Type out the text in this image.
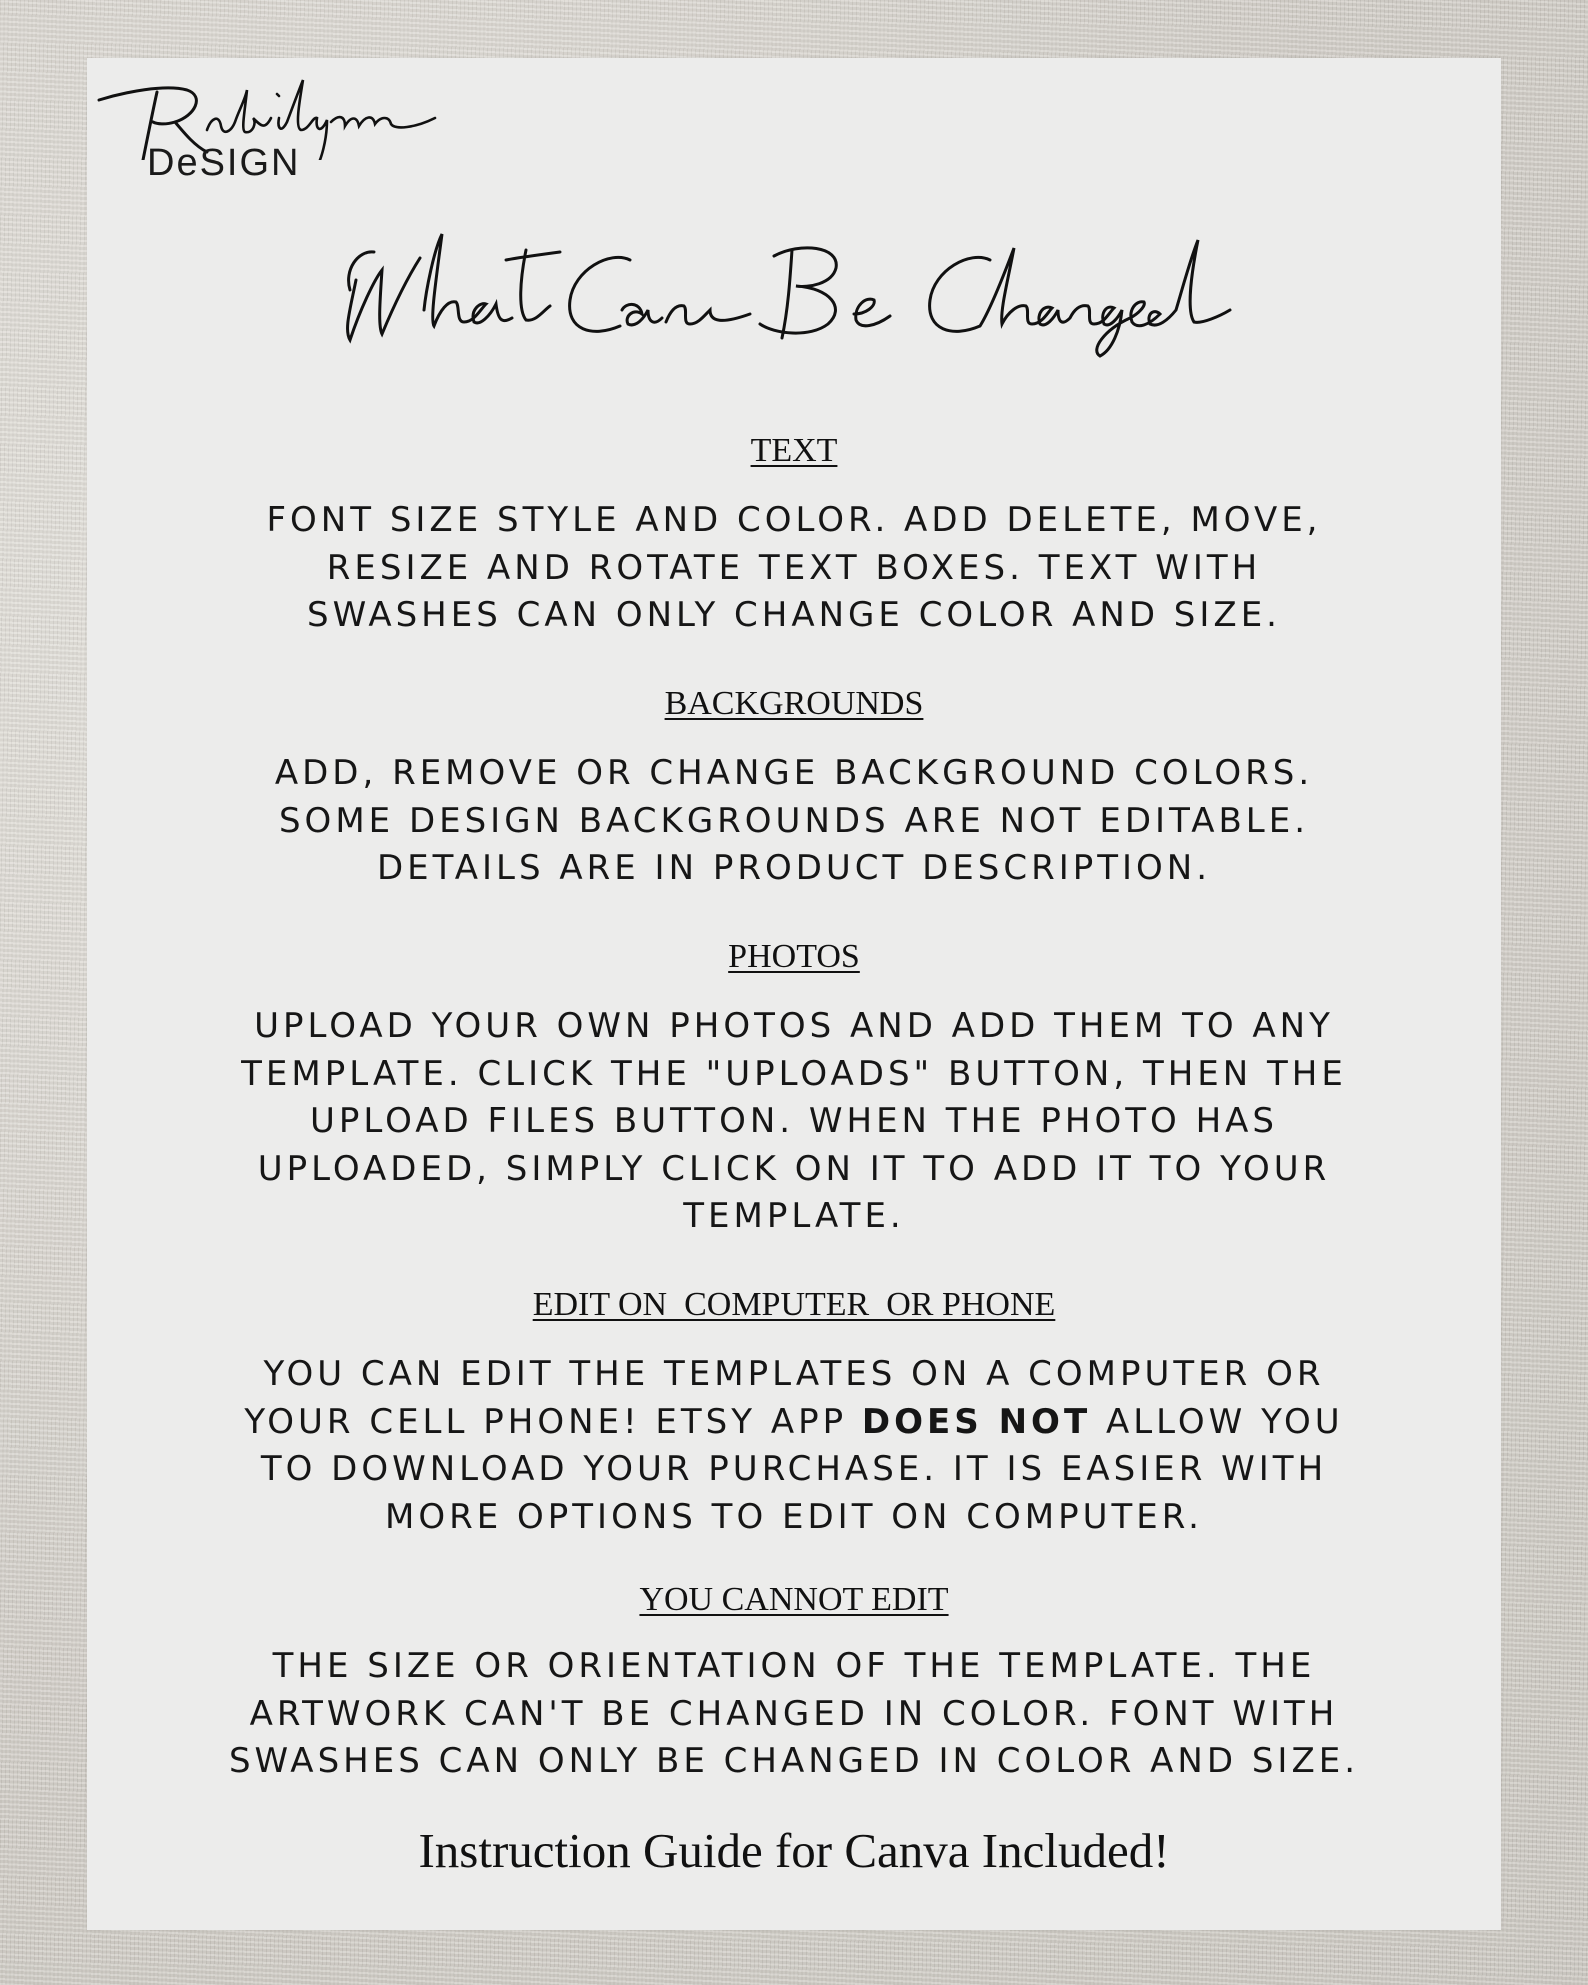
DeSIGN
TEXT

FONT SIZE STYLE AND COLOR. ADD DELETE, MOVE,
RESIZE AND ROTATE TEXT BOXES. TEXT WITH
SWASHES CAN ONLY CHANGE COLOR AND SIZE.

BACKGROUNDS

ADD, REMOVE OR CHANGE BACKGROUND COLORS.
SOME DESIGN BACKGROUNDS ARE NOT EDITABLE.
DETAILS ARE IN PRODUCT DESCRIPTION.

PHOTOS

UPLOAD YOUR OWN PHOTOS AND ADD THEM TO ANY
TEMPLATE. CLICK THE "UPLOADS" BUTTON, THEN THE
UPLOAD FILES BUTTON. WHEN THE PHOTO HAS
UPLOADED, SIMPLY CLICK ON IT TO ADD IT TO YOUR
TEMPLATE.

EDIT ON  COMPUTER  OR PHONE

YOU CAN EDIT THE TEMPLATES ON A COMPUTER OR
YOUR CELL PHONE! ETSY APP DOES NOT ALLOW YOU
TO DOWNLOAD YOUR PURCHASE. IT IS EASIER WITH
MORE OPTIONS TO EDIT ON COMPUTER.

YOU CANNOT EDIT

THE SIZE OR ORIENTATION OF THE TEMPLATE. THE
ARTWORK CAN'T BE CHANGED IN COLOR. FONT WITH
SWASHES CAN ONLY BE CHANGED IN COLOR AND SIZE.

Instruction Guide for Canva Included!
